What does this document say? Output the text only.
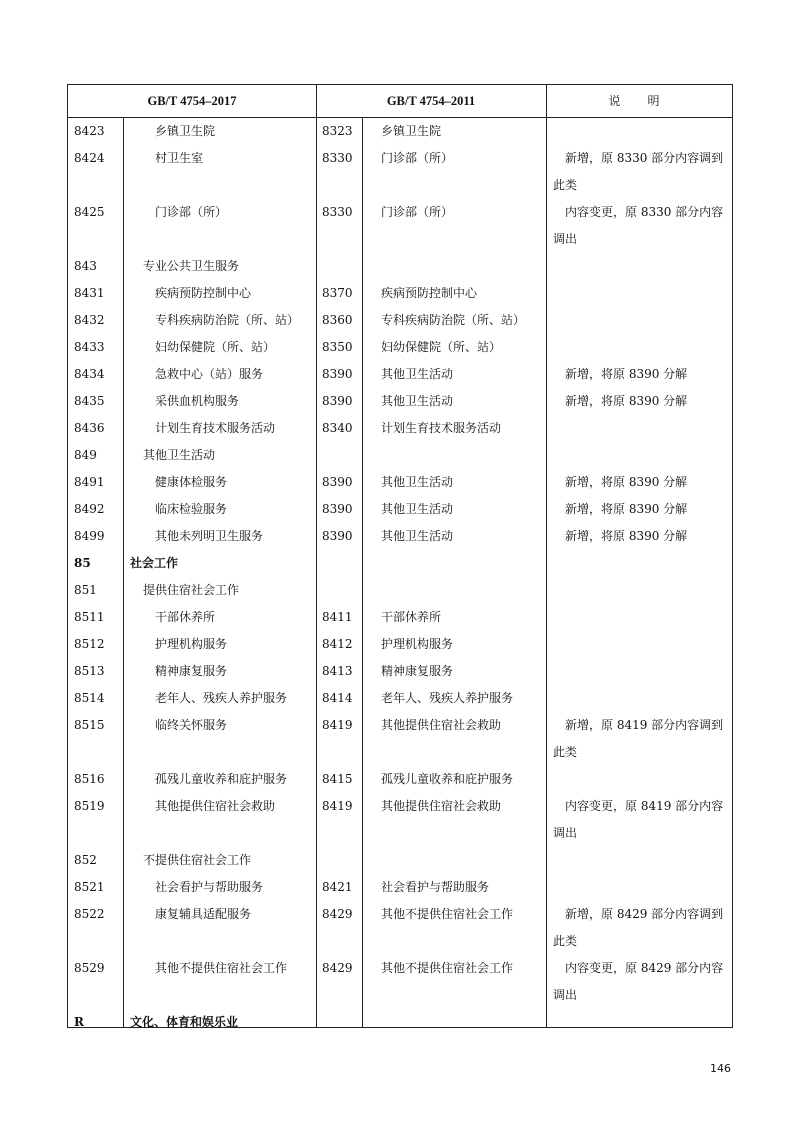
GB/T 4754–2017	GB/T 4754–2011	说 明
8423	乡镇卫生院	8323 乡镇卫生院
8424	村卫生室	8330 门诊部（所）	新增，原 8330 部分内容调到此类
8425	门诊部（所）	8330 门诊部（所）	内容变更，原 8330 部分内容调出
843	专业公共卫生服务
8431	疾病预防控制中心	8370 疾病预防控制中心
8432	专科疾病防治院（所、站） 8360 专科疾病防治院（所、站）
8433	妇幼保健院（所、站）	8350 妇幼保健院（所、站）
8434	急救中心（站）服务	8390 其他卫生活动	新增，将原 8390 分解
8435	采供血机构服务	8390 其他卫生活动	新增，将原 8390 分解
8436	计划生育技术服务活动	8340 计划生育技术服务活动
849	其他卫生活动
8491	健康体检服务	8390 其他卫生活动	新增，将原 8390 分解
8492	临床检验服务	8390 其他卫生活动	新增，将原 8390 分解
8499	其他未列明卫生服务	8390 其他卫生活动	新增，将原 8390 分解
85	社会工作
851	提供住宿社会工作
8511	干部休养所	8411 干部休养所
8512	护理机构服务	8412 护理机构服务
8513	精神康复服务	8413 精神康复服务
8514	老年人、残疾人养护服务	8414 老年人、残疾人养护服务
8515	临终关怀服务	8419 其他提供住宿社会救助	新增，原 8419 部分内容调到此类
8516	孤残儿童收养和庇护服务	8415 孤残儿童收养和庇护服务
8519	其他提供住宿社会救助	8419 其他提供住宿社会救助	内容变更，原 8419 部分内容调出
852	不提供住宿社会工作
8521	社会看护与帮助服务	8421 社会看护与帮助服务
8522	康复辅具适配服务	8429 其他不提供住宿社会工作	新增，原 8429 部分内容调到此类
8529	其他不提供住宿社会工作	8429 其他不提供住宿社会工作	内容变更，原 8429 部分内容调出
R	文化、体育和娱乐业
146
